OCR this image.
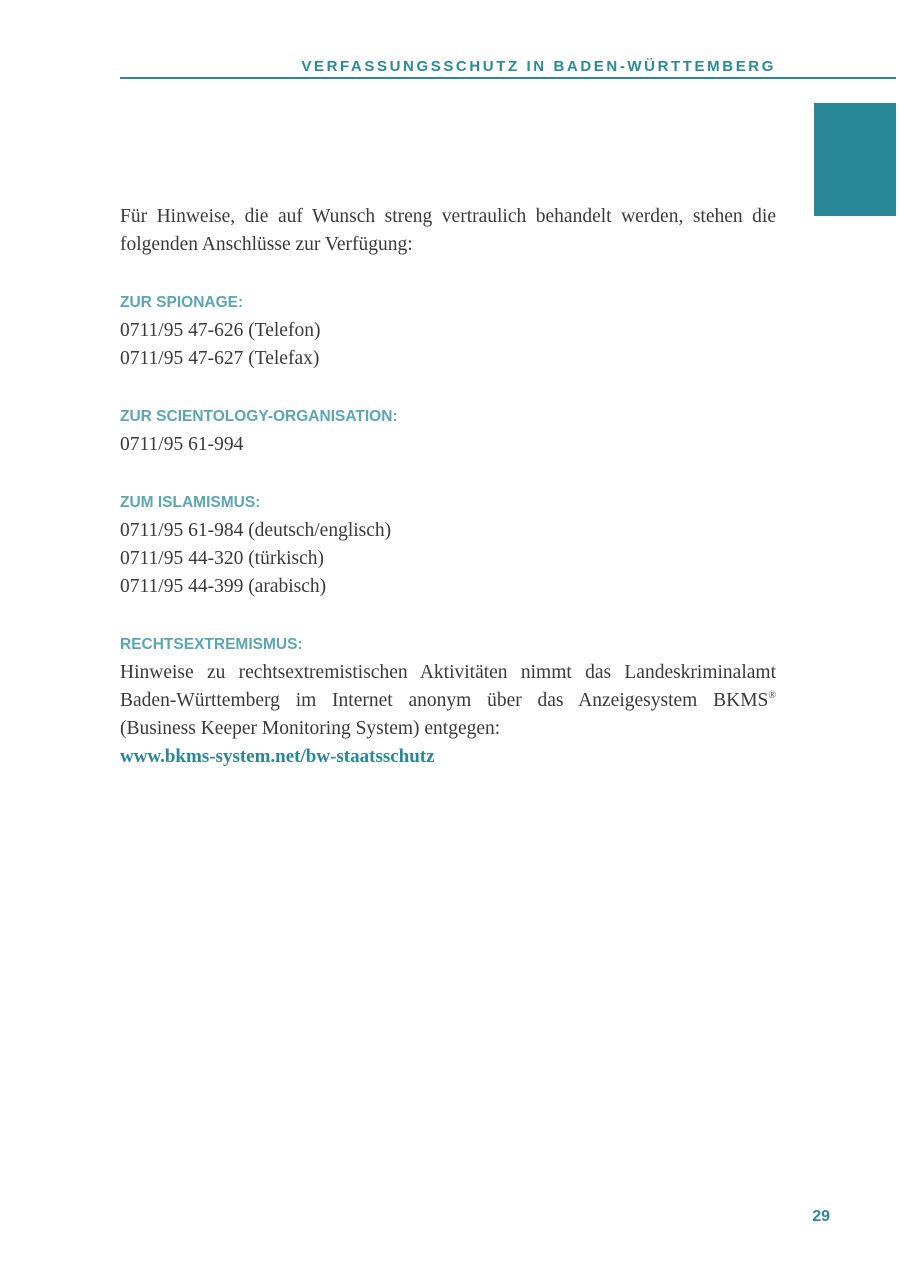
VERFASSUNGSSCHUTZ IN BADEN-WÜRTTEMBERG

Für Hinweise, die auf Wunsch streng vertraulich behandelt werden, stehen die
folgenden Anschlüsse zur Verfügung:

ZUR SPIONAGE:

0711/95 47-626 (Telefon)
0711/95 47-627 (Telefax)

ZUR SCIENTOLOGY-ORGANISATION:

0711/95 61-994

ZUM ISLAMISMUS:

0711/95 61-984 (deutsch/englisch)
0711/95 44-320 (türkisch)
0711/95 44-399 (arabisch)

RECHTSEXTREMISMUS:

Hinweise zu rechtsextremistischen Aktivitäten nimmt das Landeskriminalamt
Baden-Württemberg im Internet anonym über das Anzeigesystem BKMS®
(Business Keeper Monitoring System) entgegen:

www.bkms-system.net/bw-staatsschutz
29
